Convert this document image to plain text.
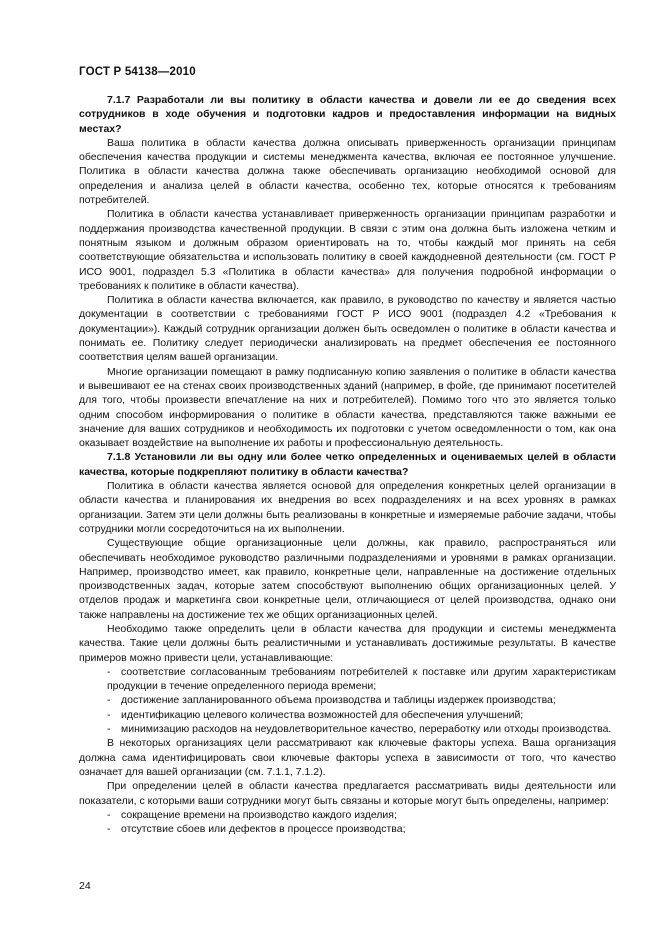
ГОСТ Р 54138—2010

7.1.7 Разработали ли вы политику в области качества и довели ли ее до сведения всех сотрудников в ходе обучения и подготовки кадров и предоставления информации на видных местах?

Ваша политика в области качества должна описывать приверженность организации принципам обеспечения качества продукции и системы менеджмента качества, включая ее постоянное улучшение. Политика в области качества должна также обеспечивать организацию необходимой основой для определения и анализа целей в области качества, особенно тех, которые относятся к требованиям потребителей.

Политика в области качества устанавливает приверженность организации принципам разработки и поддержания производства качественной продукции. В связи с этим она должна быть изложена четким и понятным языком и должным образом ориентировать на то, чтобы каждый мог принять на себя соответствующие обязательства и использовать политику в своей каждодневной деятельности (см. ГОСТ Р ИСО 9001, подраздел 5.3 «Политика в области качества» для получения подробной информации о требованиях к политике в области качества).

Политика в области качества включается, как правило, в руководство по качеству и является частью документации в соответствии с требованиями ГОСТ Р ИСО 9001 (подраздел 4.2 «Требования к документации»). Каждый сотрудник организации должен быть осведомлен о политике в области качества и понимать ее. Политику следует периодически анализировать на предмет обеспечения ее постоянного соответствия целям вашей организации.

Многие организации помещают в рамку подписанную копию заявления о политике в области качества и вывешивают ее на стенах своих производственных зданий (например, в фойе, где принимают посетителей для того, чтобы произвести впечатление на них и потребителей). Помимо того что это является только одним способом информирования о политике в области качества, представляются также важными ее значение для ваших сотрудников и необходимость их подготовки с учетом осведомленности о том, как она оказывает воздействие на выполнение их работы и профессиональную деятельность.

7.1.8 Установили ли вы одну или более четко определенных и оцениваемых целей в области качества, которые подкрепляют политику в области качества?

Политика в области качества является основой для определения конкретных целей организации в области качества и планирования их внедрения во всех подразделениях и на всех уровнях в рамках организации. Затем эти цели должны быть реализованы в конкретные и измеряемые рабочие задачи, чтобы сотрудники могли сосредоточиться на их выполнении.

Существующие общие организационные цели должны, как правило, распространяться или обеспечивать необходимое руководство различными подразделениями и уровнями в рамках организации. Например, производство имеет, как правило, конкретные цели, направленные на достижение отдельных производственных задач, которые затем способствуют выполнению общих организационных целей. У отделов продаж и маркетинга свои конкретные цели, отличающиеся от целей производства, однако они также направлены на достижение тех же общих организационных целей.

Необходимо также определить цели в области качества для продукции и системы менеджмента качества. Такие цели должны быть реалистичными и устанавливать достижимые результаты. В качестве примеров можно привести цели, устанавливающие:

- соответствие согласованным требованиям потребителей к поставке или другим характеристикам продукции в течение определенного периода времени;

- достижение запланированного объема производства и таблицы издержек производства;

- идентификацию целевого количества возможностей для обеспечения улучшений;

- минимизацию расходов на неудовлетворительное качество, переработку или отходы производства.

В некоторых организациях цели рассматривают как ключевые факторы успеха. Ваша организация должна сама идентифицировать свои ключевые факторы успеха в зависимости от того, что качество означает для вашей организации (см. 7.1.1, 7.1.2).

При определении целей в области качества предлагается рассматривать виды деятельности или показатели, с которыми ваши сотрудники могут быть связаны и которые могут быть определены, например:

- сокращение времени на производство каждого изделия;

- отсутствие сбоев или дефектов в процессе производства;

24
